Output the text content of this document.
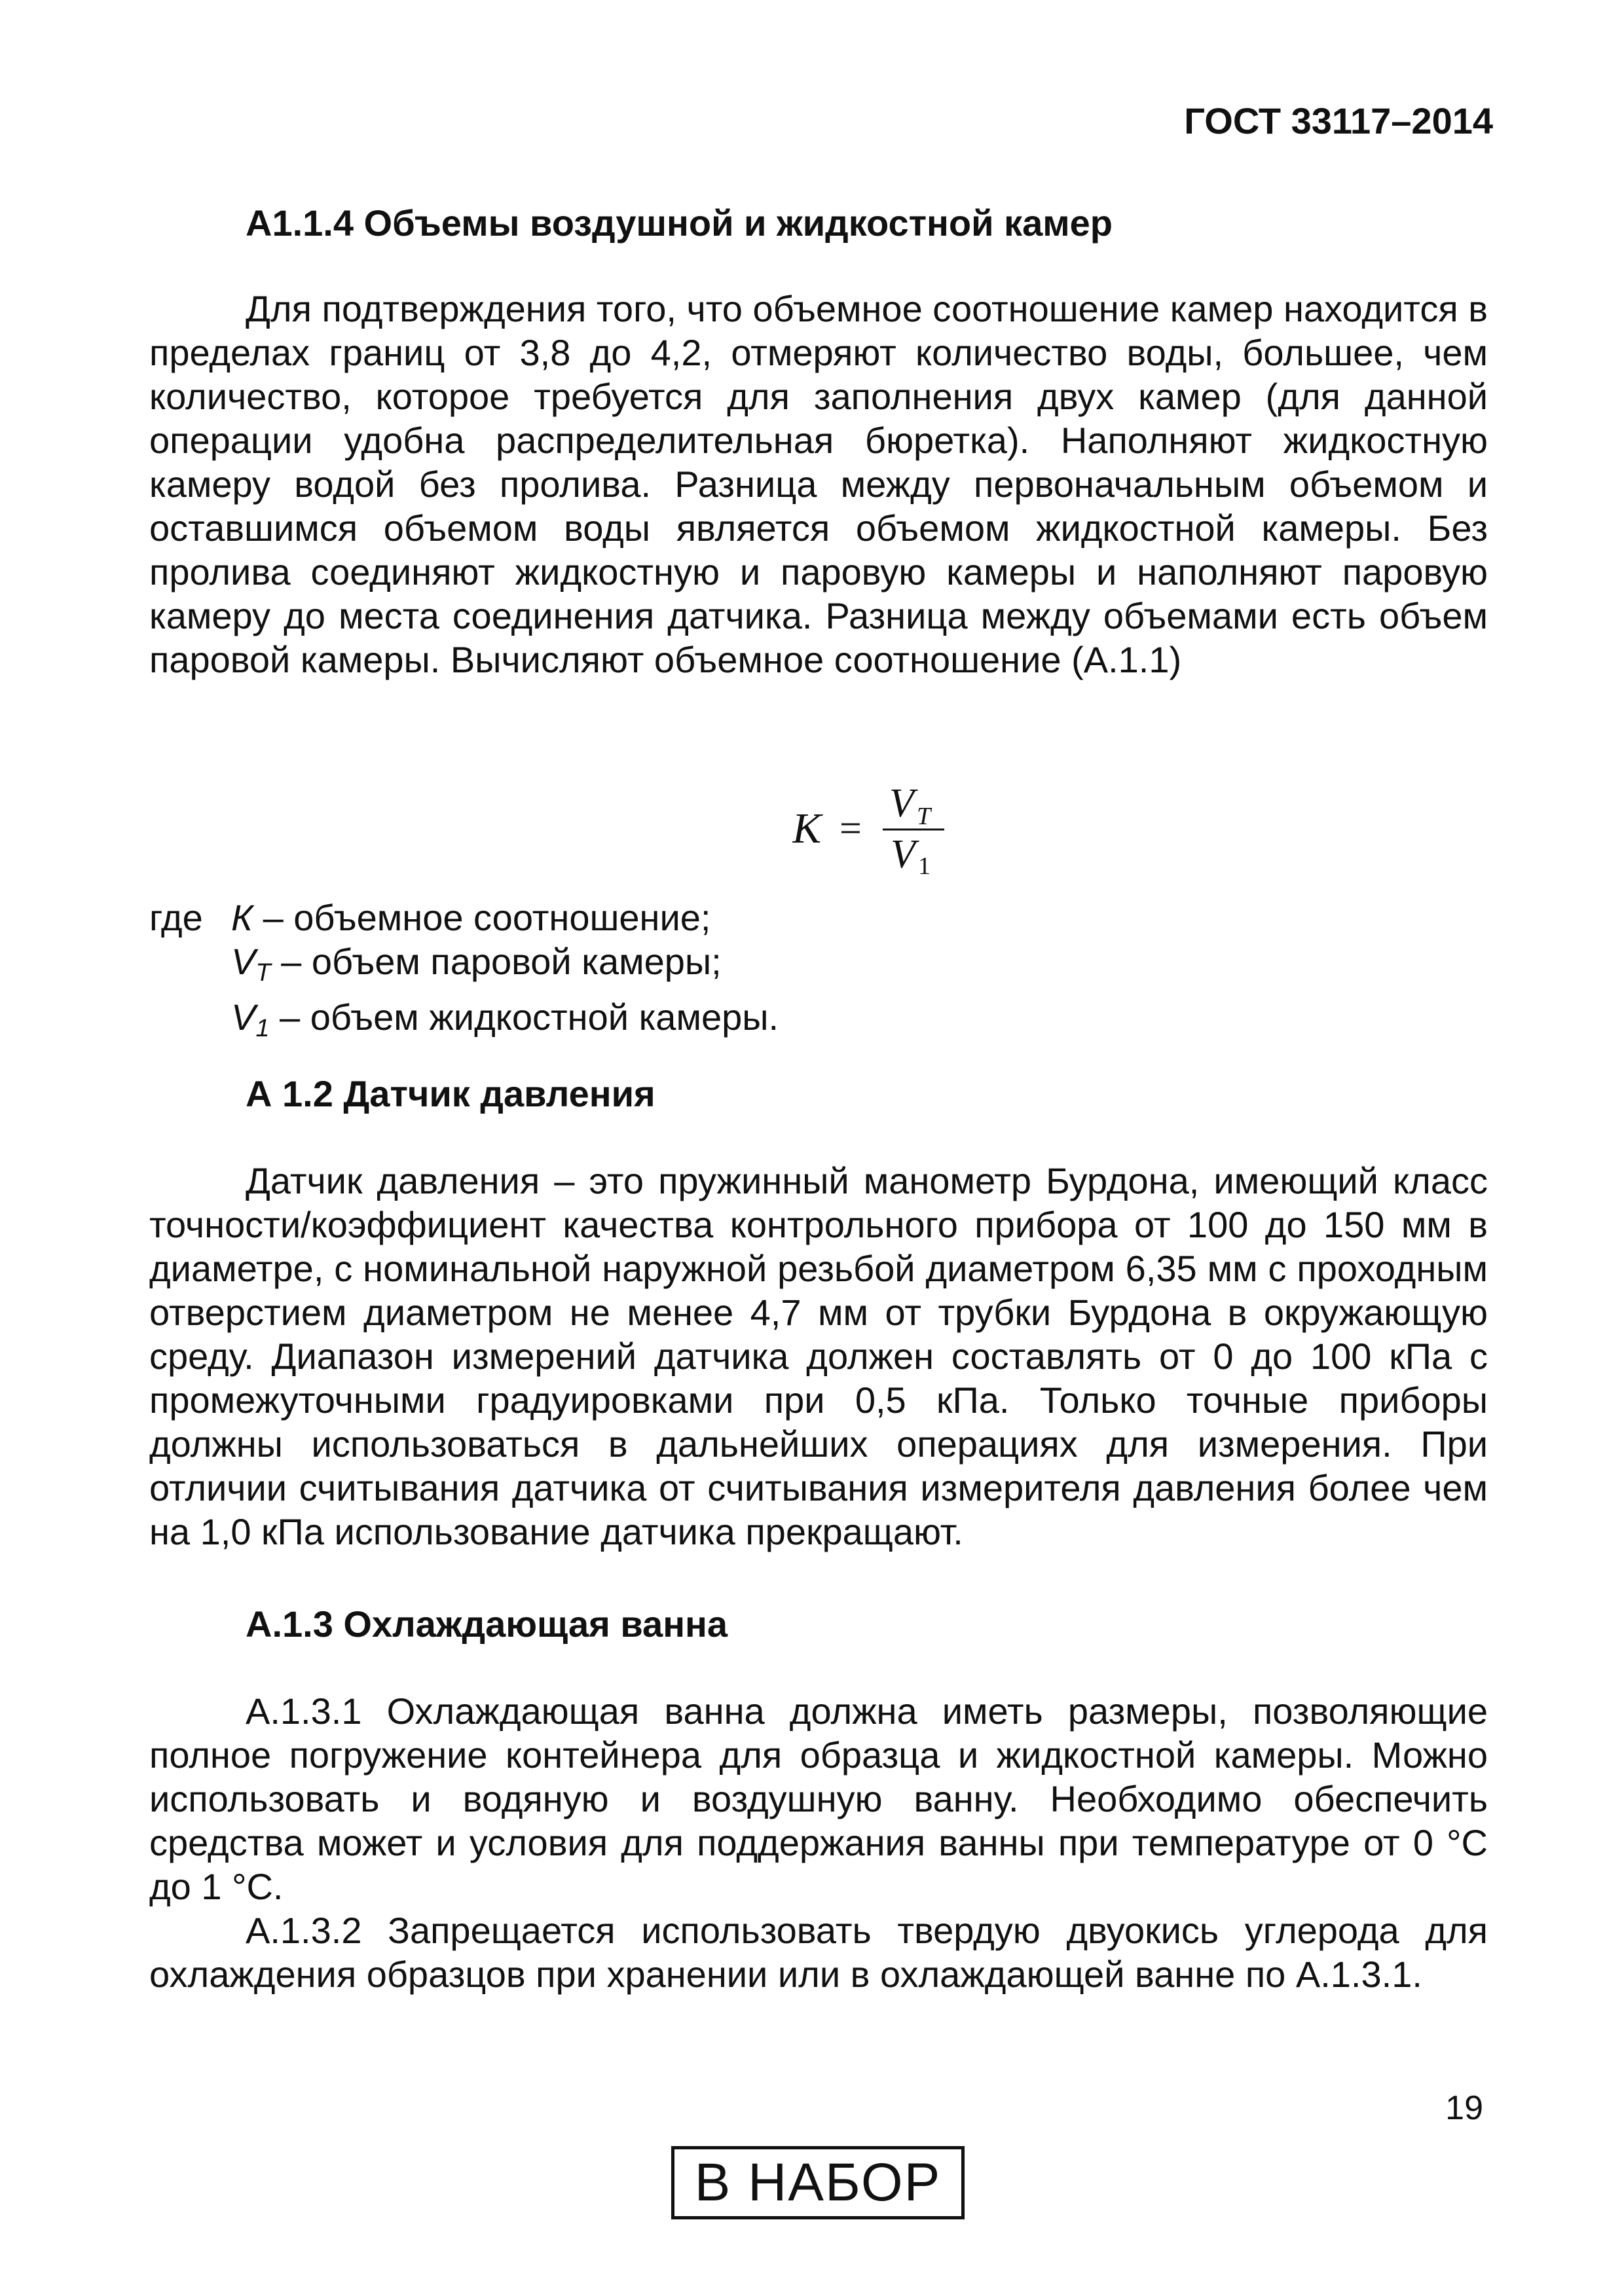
ГОСТ 33117–2014
А1.1.4 Объемы воздушной и жидкостной камер

Для подтверждения того, что объемное соотношение камер находится в пределах границ от 3,8 до 4,2, отмеряют количество воды, большее, чем количество, которое требуется для заполнения двух камер (для данной операции удобна распределительная бюретка). Наполняют жидкостную камеру водой без пролива. Разница между первоначальным объемом и оставшимся объемом воды является объемом жидкостной камеры. Без пролива соединяют жидкостную и паровую камеры и наполняют паровую камеру до места соединения датчика. Разница между объемами есть объем паровой камеры. Вычисляют объемное соотношение (А.1.1)

K =
V T
V 1
где К – объемное соотношение;
$V_T$ – объем паровой камеры;
$V_1$ – объем жидкостной камеры.
А 1.2 Датчик давления

Датчик давления – это пружинный манометр Бурдона, имеющий класс точности/коэффициент качества контрольного прибора от 100 до 150 мм в диаметре, с номинальной наружной резьбой диаметром 6,35 мм с проходным отверстием диаметром не менее 4,7 мм от трубки Бурдона в окружающую среду. Диапазон измерений датчика должен составлять от 0 до 100 кПа с промежуточными градуировками при 0,5 кПа. Только точные приборы должны использоваться в дальнейших операциях для измерения. При отличии считывания датчика от считывания измерителя давления более чем на 1,0 кПа использование датчика прекращают.

А.1.3 Охлаждающая ванна

А.1.3.1 Охлаждающая ванна должна иметь размеры, позволяющие полное погружение контейнера для образца и жидкостной камеры. Можно использовать и водяную и воздушную ванну. Необходимо обеспечить средства может и условия для поддержания ванны при температуре от 0 °С до 1 °С.

А.1.3.2 Запрещается использовать твердую двуокись углерода для охлаждения образцов при хранении или в охлаждающей ванне по А.1.3.1.

19
В НАБОР
